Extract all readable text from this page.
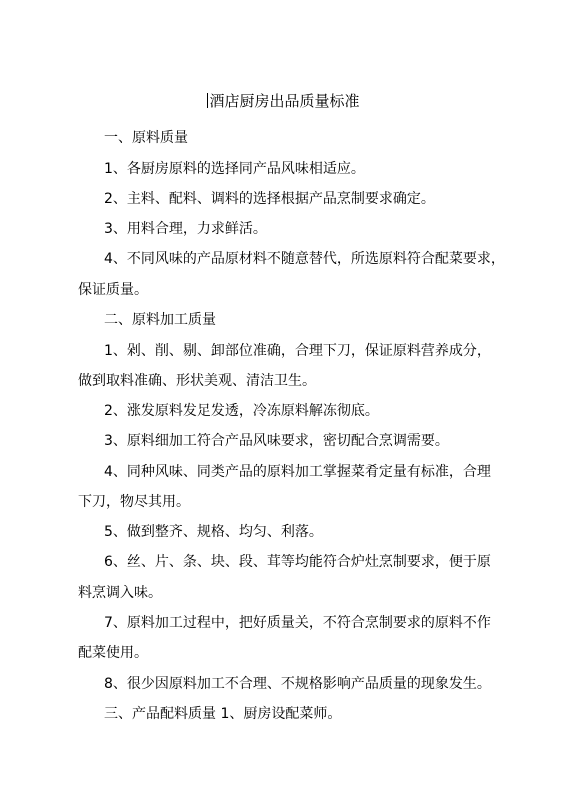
酒店厨房出品质量标准
一、原料质量
1、各厨房原料的选择同产品风味相适应。
2、主料、配料、调料的选择根据产品烹制要求确定。
3、用料合理，力求鲜活。
4、不同风味的产品原材料不随意替代，所选原料符合配菜要求，
保证质量。
二、原料加工质量
1、剁、削、剔、卸部位准确，合理下刀，保证原料营养成分，
做到取料准确、形状美观、清洁卫生。
2、涨发原料发足发透，冷冻原料解冻彻底。
3、原料细加工符合产品风味要求，密切配合烹调需要。
4、同种风味、同类产品的原料加工掌握菜肴定量有标准，合理
下刀，物尽其用。
5、做到整齐、规格、均匀、利落。
6、丝、片、条、块、段、茸等均能符合炉灶烹制要求，便于原
料烹调入味。
7、原料加工过程中，把好质量关，不符合烹制要求的原料不作
配菜使用。
8、很少因原料加工不合理、不规格影响产品质量的现象发生。
三、产品配料质量 1、厨房设配菜师。
